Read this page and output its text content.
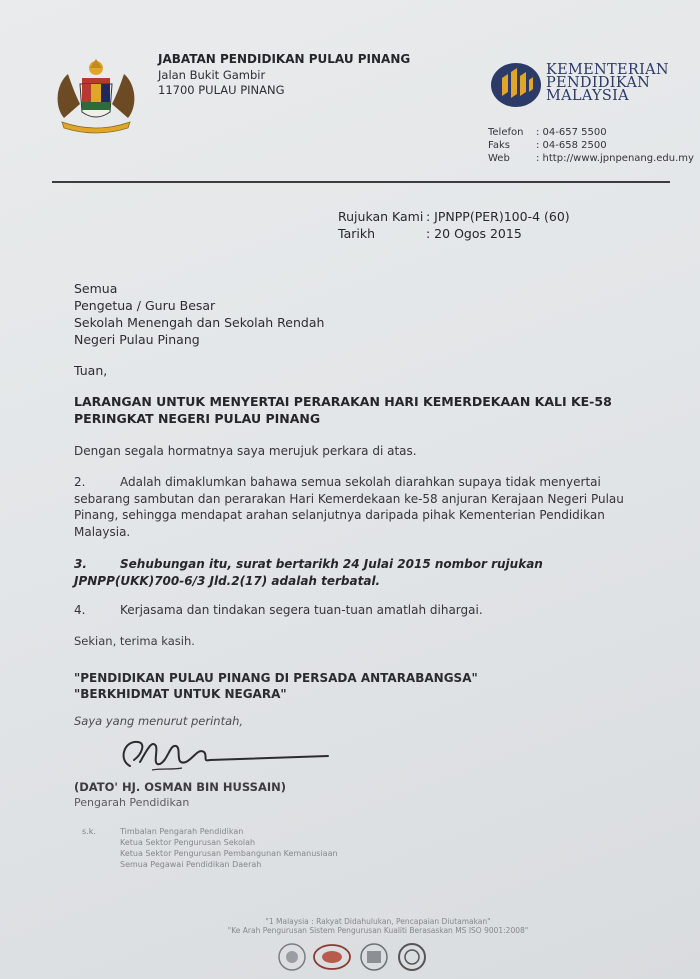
JABATAN PENDIDIKAN PULAU PINANG
Jalan Bukit Gambir
11700 PULAU PINANG
KEMENTERIAN
PENDIDIKAN
MALAYSIA
Telefon : 04-657 5500
Faks	: 04-658 2500
Web	: http://www.jpnpenang.edu.my
Rujukan Kami : JPNPP(PER)100-4 (60)
Tarikh	: 20 Ogos 2015
Semua
Pengetua / Guru Besar
Sekolah Menengah dan Sekolah Rendah
Negeri Pulau Pinang
Tuan,
LARANGAN UNTUK MENYERTAI PERARAKAN HARI KEMERDEKAAN KALI KE-58
PERINGKAT NEGERI PULAU PINANG
Dengan segala hormatnya saya merujuk perkara di atas.
2.	Adalah dimaklumkan bahawa semua sekolah diarahkan supaya tidak menyertai
sebarang sambutan dan perarakan Hari Kemerdekaan ke-58 anjuran Kerajaan Negeri Pulau
Pinang, sehingga mendapat arahan selanjutnya daripada pihak Kementerian Pendidikan
Malaysia.
3.	Sehubungan itu, surat bertarikh 24 Julai 2015 nombor rujukan
JPNPP(UKK)700-6/3 Jld.2(17) adalah terbatal.
4.	Kerjasama dan tindakan segera tuan-tuan amatlah dihargai.
Sekian, terima kasih.
"PENDIDIKAN PULAU PINANG DI PERSADA ANTARABANGSA"
"BERKHIDMAT UNTUK NEGARA"
Saya yang menurut perintah,
(DATO' HJ. OSMAN BIN HUSSAIN)
Pengarah Pendidikan
s.k.	Timbalan Pengarah Pendidikan
Ketua Sektor Pengurusan Sekolah
Ketua Sektor Pengurusan Pembangunan Kemanusiaan
Semua Pegawai Pendidikan Daerah
"1 Malaysia : Rakyat Didahulukan, Pencapaian Diutamakan"
"Ke Arah Pengurusan Sistem Pengurusan Kualiti Berasaskan MS ISO 9001:2008"
